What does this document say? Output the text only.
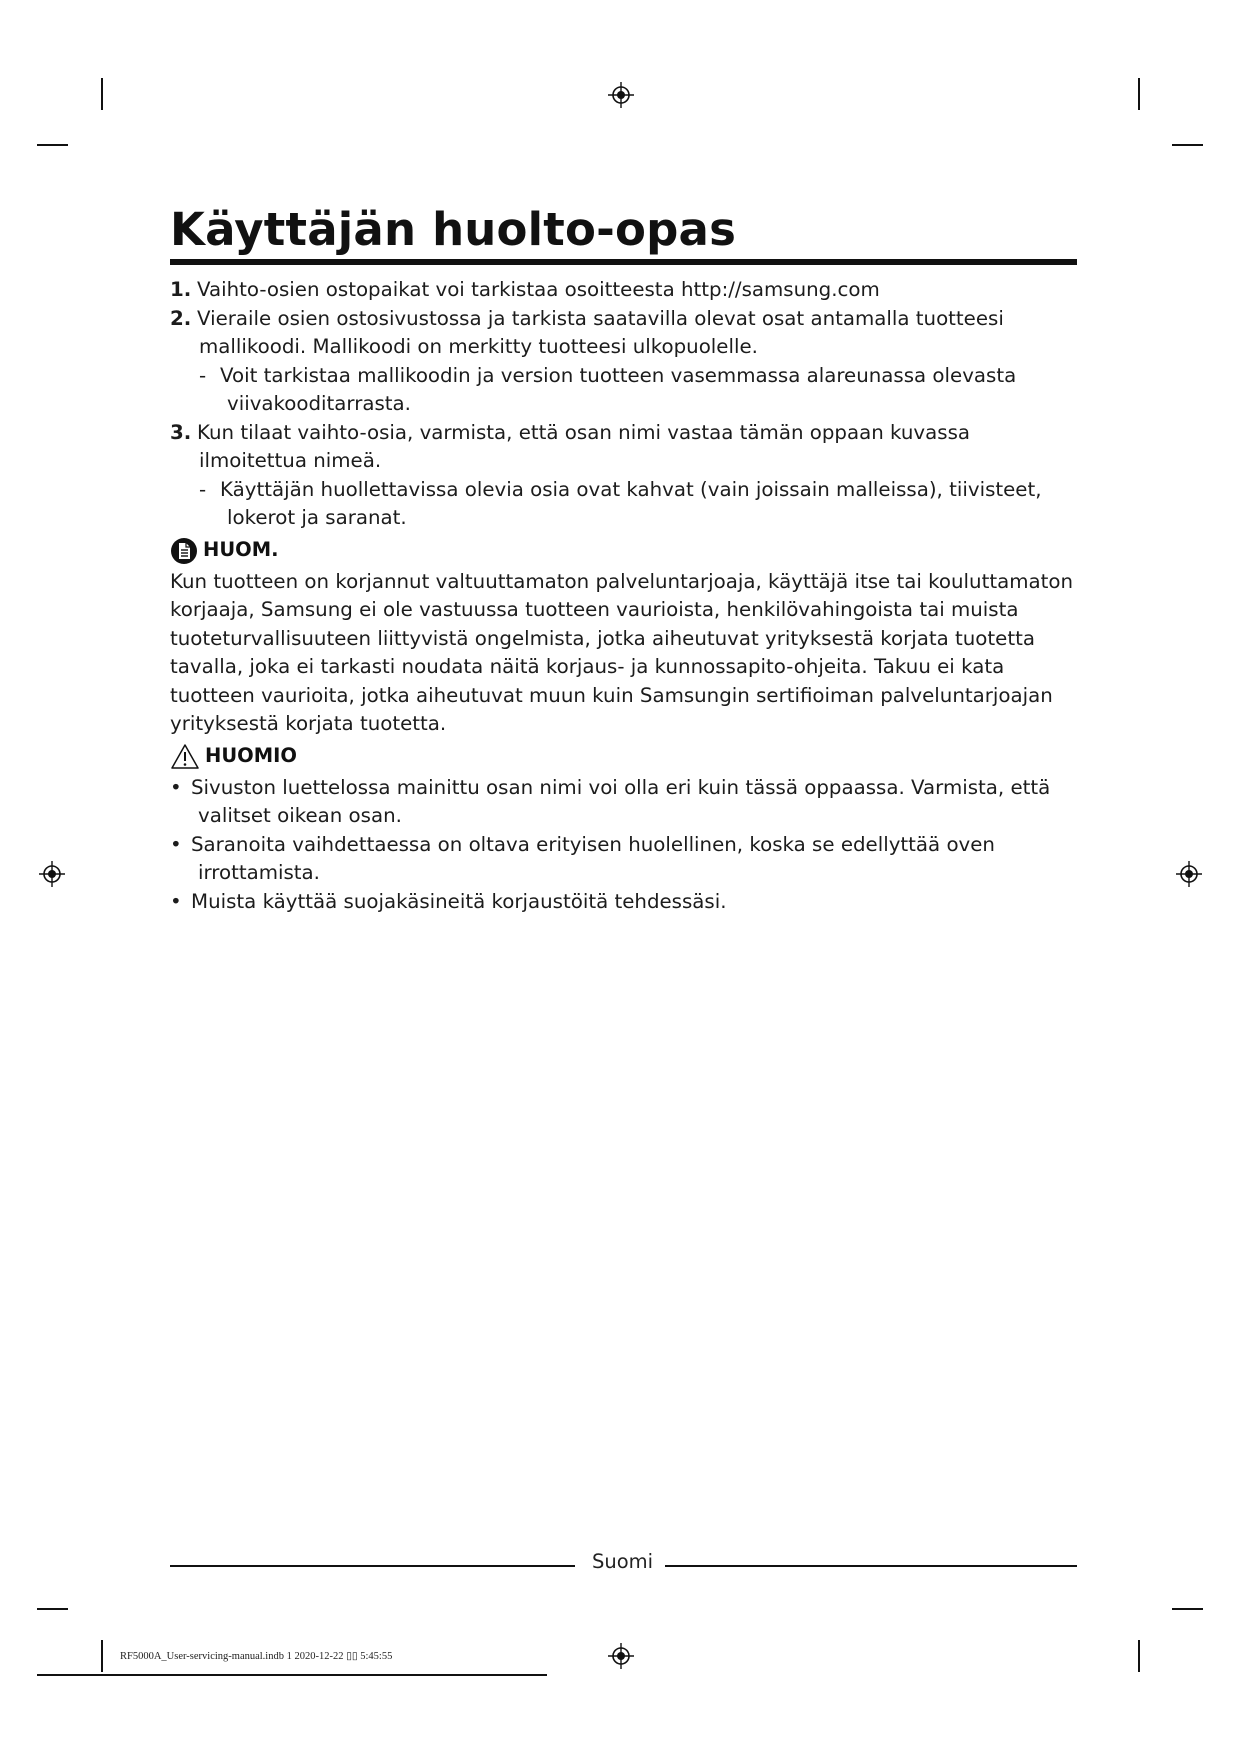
Käyttäjän huolto-opas
1. Vaihto-osien ostopaikat voi tarkistaa osoitteesta http://samsung.com
2. Vieraile osien ostosivustossa ja tarkista saatavilla olevat osat antamalla tuotteesi
mallikoodi. Mallikoodi on merkitty tuotteesi ulkopuolelle.
- Voit tarkistaa mallikoodin ja version tuotteen vasemmassa alareunassa olevasta
viivakooditarrasta.
3. Kun tilaat vaihto-osia, varmista, että osan nimi vastaa tämän oppaan kuvassa
ilmoitettua nimeä.
- Käyttäjän huollettavissa olevia osia ovat kahvat (vain joissain malleissa), tiivisteet,
lokerot ja saranat.
HUOM.
Kun tuotteen on korjannut valtuuttamaton palveluntarjoaja, käyttäjä itse tai kouluttamaton
korjaaja, Samsung ei ole vastuussa tuotteen vaurioista, henkilövahingoista tai muista
tuoteturvallisuuteen liittyvistä ongelmista, jotka aiheutuvat yrityksestä korjata tuotetta
tavalla, joka ei tarkasti noudata näitä korjaus- ja kunnossapito-ohjeita. Takuu ei kata
tuotteen vaurioita, jotka aiheutuvat muun kuin Samsungin sertifioiman palveluntarjoajan
yrityksestä korjata tuotetta.
HUOMIO
• Sivuston luettelossa mainittu osan nimi voi olla eri kuin tässä oppaassa. Varmista, että
valitset oikean osan.
• Saranoita vaihdettaessa on oltava erityisen huolellinen, koska se edellyttää oven
irrottamista.
• Muista käyttää suojakäsineitä korjaustöitä tehdessäsi.
Suomi
RF5000A_User-servicing-manual.indb 1 2020-12-22 ▯▯ 5:45:55
